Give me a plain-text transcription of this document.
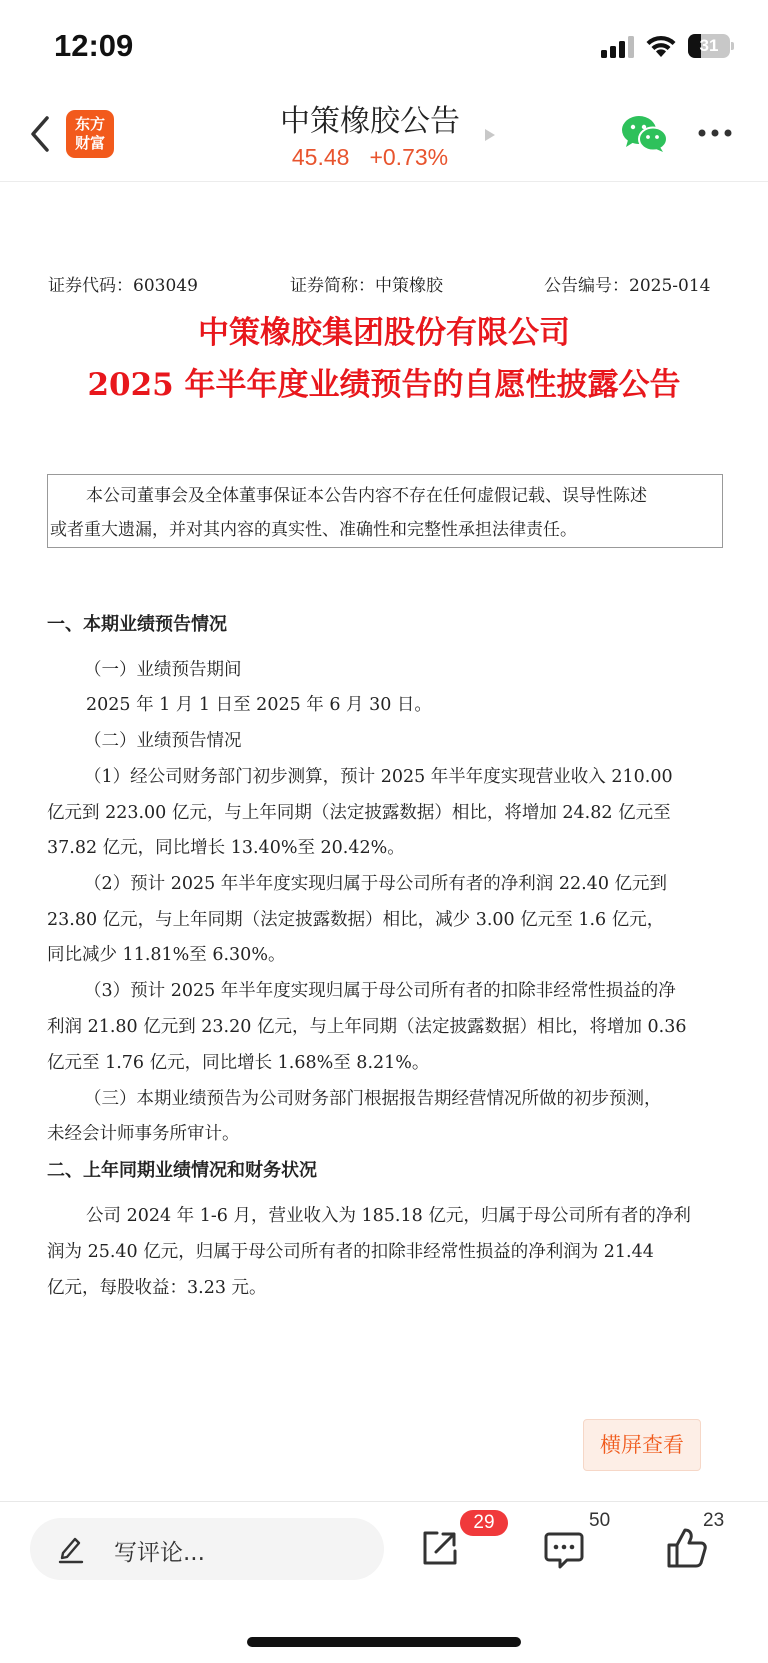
12:09	31
东方
财富
中策橡胶公告
45.48 +0.73%
证券代码：603049	证券简称：中策橡胶	公告编号：2025-014
中策橡胶集团股份有限公司
2025 年半年度业绩预告的自愿性披露公告

本公司董事会及全体董事保证本公告内容不存在任何虚假记载、误导性陈述

或者重大遗漏，并对其内容的真实性、准确性和完整性承担法律责任。

一、本期业绩预告情况
（一）业绩预告期间
2025 年 1 月 1 日至 2025 年 6 月 30 日。
（二）业绩预告情况
（1）经公司财务部门初步测算，预计 2025 年半年度实现营业收入 210.00
亿元到 223.00 亿元，与上年同期（法定披露数据）相比，将增加 24.82 亿元至
37.82 亿元，同比增长 13.40%至 20.42%。
（2）预计 2025 年半年度实现归属于母公司所有者的净利润 22.40 亿元到
23.80 亿元，与上年同期（法定披露数据）相比，减少 3.00 亿元至 1.6 亿元，
同比减少 11.81%至 6.30%。
（3）预计 2025 年半年度实现归属于母公司所有者的扣除非经常性损益的净
利润 21.80 亿元到 23.20 亿元，与上年同期（法定披露数据）相比，将增加 0.36
亿元至 1.76 亿元，同比增长 1.68%至 8.21%。
（三）本期业绩预告为公司财务部门根据报告期经营情况所做的初步预测，
未经会计师事务所审计。
二、上年同期业绩情况和财务状况
公司 2024 年 1-6 月，营业收入为 185.18 亿元，归属于母公司所有者的净利
润为 25.40 亿元，归属于母公司所有者的扣除非经常性损益的净利润为 21.44
亿元，每股收益：3.23 元。
横屏查看
写评论...
29	50	23
